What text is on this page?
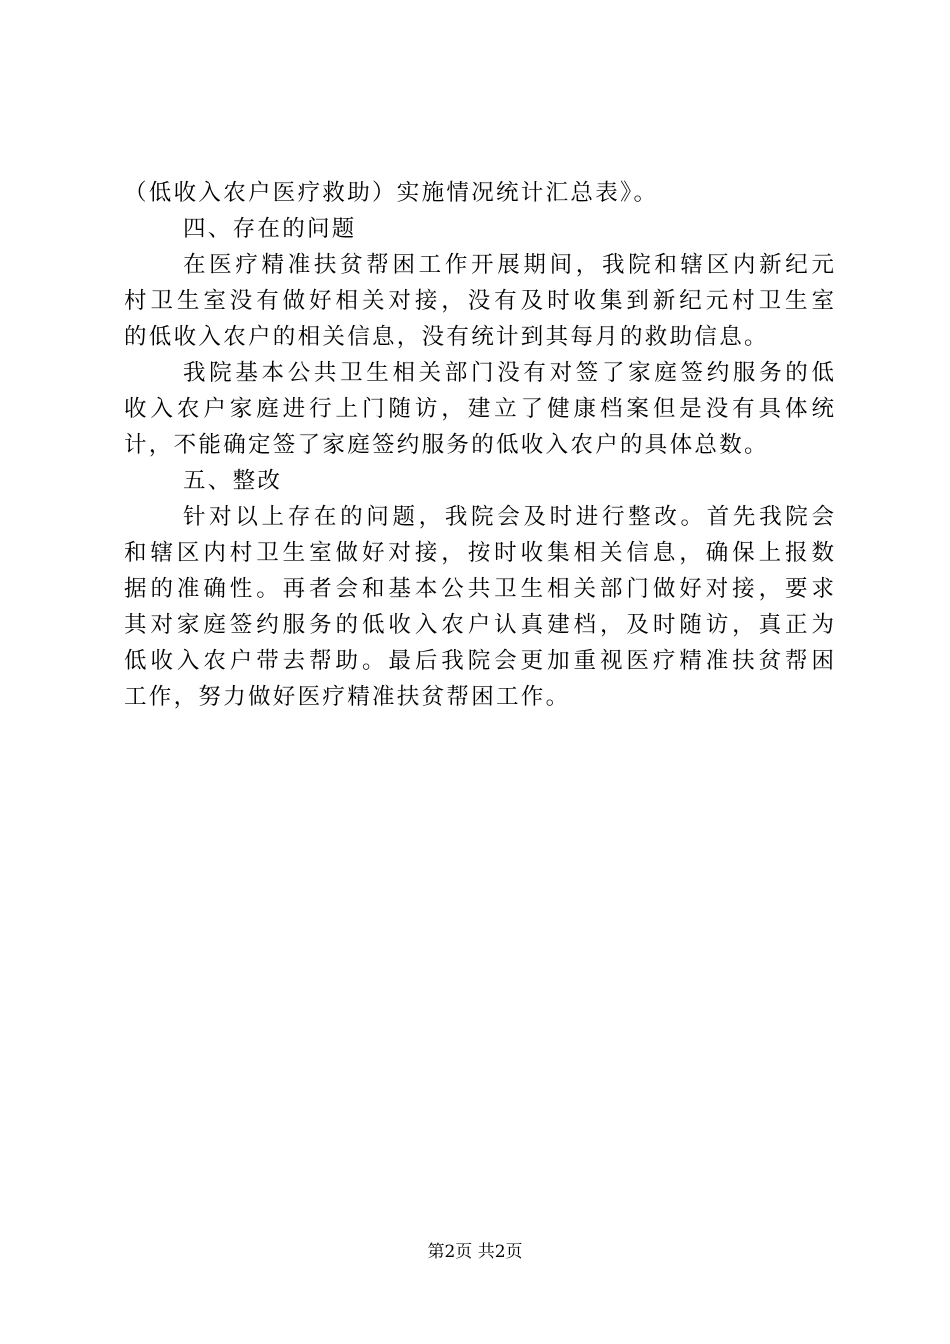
（低收入农户医疗救助）实施情况统计汇总表》。
四、存在的问题
在医疗精准扶贫帮困工作开展期间，我院和辖区内新纪元
村卫生室没有做好相关对接，没有及时收集到新纪元村卫生室
的低收入农户的相关信息，没有统计到其每月的救助信息。
我院基本公共卫生相关部门没有对签了家庭签约服务的低
收入农户家庭进行上门随访，建立了健康档案但是没有具体统
计，不能确定签了家庭签约服务的低收入农户的具体总数。
五、整改
针对以上存在的问题，我院会及时进行整改。首先我院会
和辖区内村卫生室做好对接，按时收集相关信息，确保上报数
据的准确性。再者会和基本公共卫生相关部门做好对接，要求
其对家庭签约服务的低收入农户认真建档，及时随访，真正为
低收入农户带去帮助。最后我院会更加重视医疗精准扶贫帮困
工作，努力做好医疗精准扶贫帮困工作。
第2页 共2页
